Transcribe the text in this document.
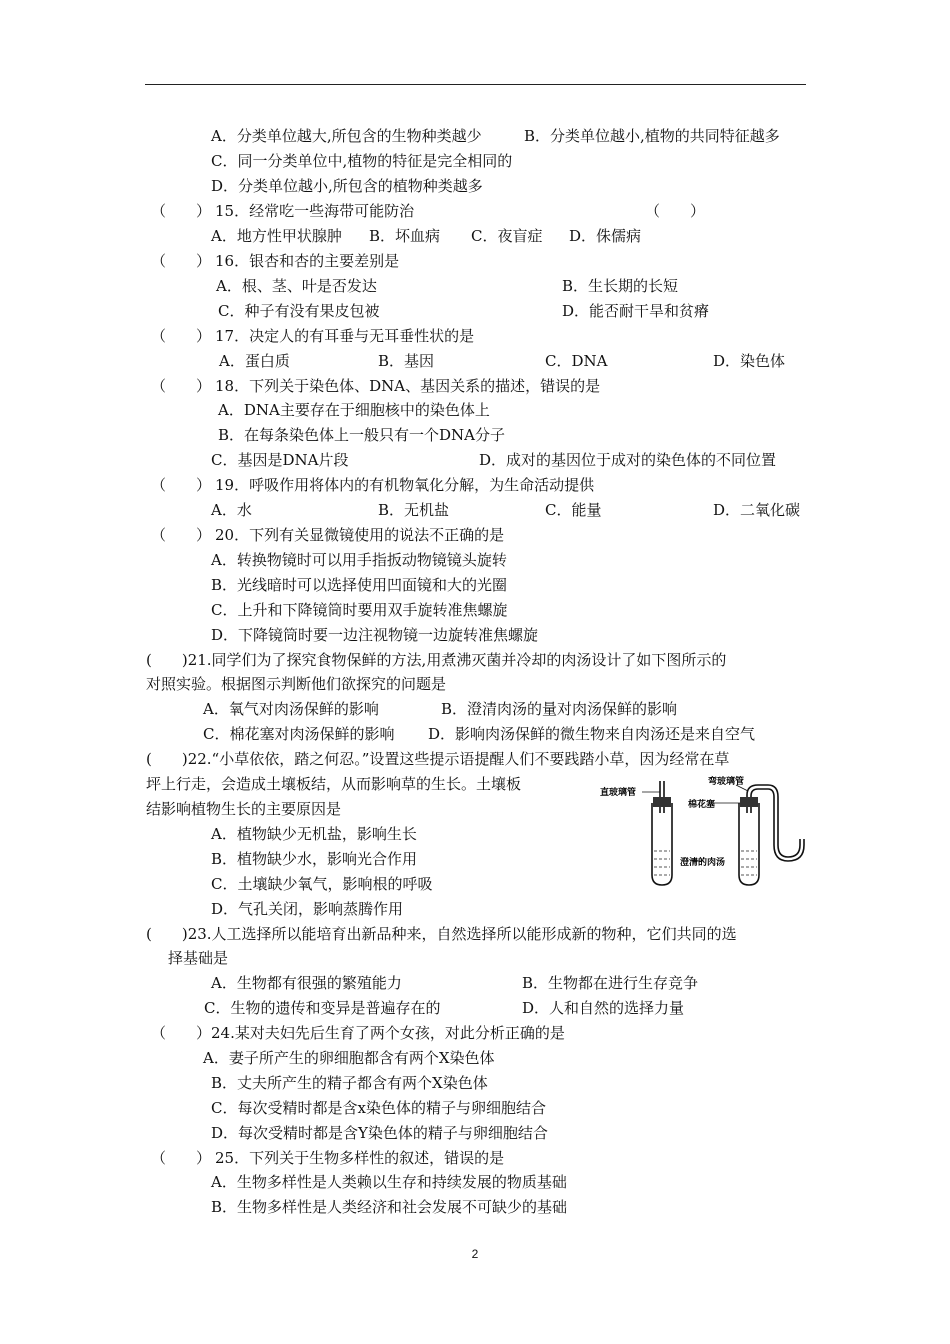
A．分类单位越大,所包含的生物种类越少	B．分类单位越小,植物的共同特征越多
C．同一分类单位中,植物的特征是完全相同的
D．分类单位越小,所包含的植物种类越多
（　　） 15．经常吃一些海带可能防治	（　　）
A．地方性甲状腺肿 B．坏血病 C．夜盲症 D．侏儒病
（　　） 16．银杏和杏的主要差别是
A．根、茎、叶是否发达	B．生长期的长短
C．种子有没有果皮包被	D．能否耐干旱和贫瘠
（　　） 17．决定人的有耳垂与无耳垂性状的是
A．蛋白质	B．基因	C．DNA	D．染色体
（　　） 18．下列关于染色体、DNA、基因关系的描述，错误的是
A．DNA主要存在于细胞核中的染色体上
B．在每条染色体上一般只有一个DNA分子
C．基因是DNA片段	D．成对的基因位于成对的染色体的不同位置
（　　） 19．呼吸作用将体内的有机物氧化分解，为生命活动提供
A．水	B．无机盐	C．能量	D．二氧化碳
（　　） 20．下列有关显微镜使用的说法不正确的是
A．转换物镜时可以用手指扳动物镜镜头旋转
B．光线暗时可以选择使用凹面镜和大的光圈
C．上升和下降镜筒时要用双手旋转准焦螺旋
D．下降镜筒时要一边注视物镜一边旋转准焦螺旋
(　　)21.同学们为了探究食物保鲜的方法,用煮沸灭菌并冷却的肉汤设计了如下图所示的
对照实验。根据图示判断他们欲探究的问题是
A．氧气对肉汤保鲜的影响	B．澄清肉汤的量对肉汤保鲜的影响
C．棉花塞对肉汤保鲜的影响 D．影响肉汤保鲜的微生物来自肉汤还是来自空气
(　　)22.“小草依依，踏之何忍。”设置这些提示语提醒人们不要践踏小草，因为经常在草
坪上行走，会造成土壤板结，从而影响草的生长。土壤板
结影响植物生长的主要原因是
A．植物缺少无机盐，影响生长
B．植物缺少水，影响光合作用
C．土壤缺少氧气，影响根的呼吸
D．气孔关闭，影响蒸腾作用
直玻璃管
弯玻璃管
棉花塞
澄清的肉汤
(　　)23.人工选择所以能培育出新品种来，自然选择所以能形成新的物种，它们共同的选
择基础是
A．生物都有很强的繁殖能力	B．生物都在进行生存竞争
C．生物的遗传和变异是普遍存在的	D．人和自然的选择力量
（　　）24.某对夫妇先后生育了两个女孩，对此分析正确的是
A．妻子所产生的卵细胞都含有两个X染色体
B．丈夫所产生的精子都含有两个X染色体
C．每次受精时都是含x染色体的精子与卵细胞结合
D．每次受精时都是含Y染色体的精子与卵细胞结合
（　　） 25．下列关于生物多样性的叙述，错误的是
A．生物多样性是人类赖以生存和持续发展的物质基础
B．生物多样性是人类经济和社会发展不可缺少的基础
2
